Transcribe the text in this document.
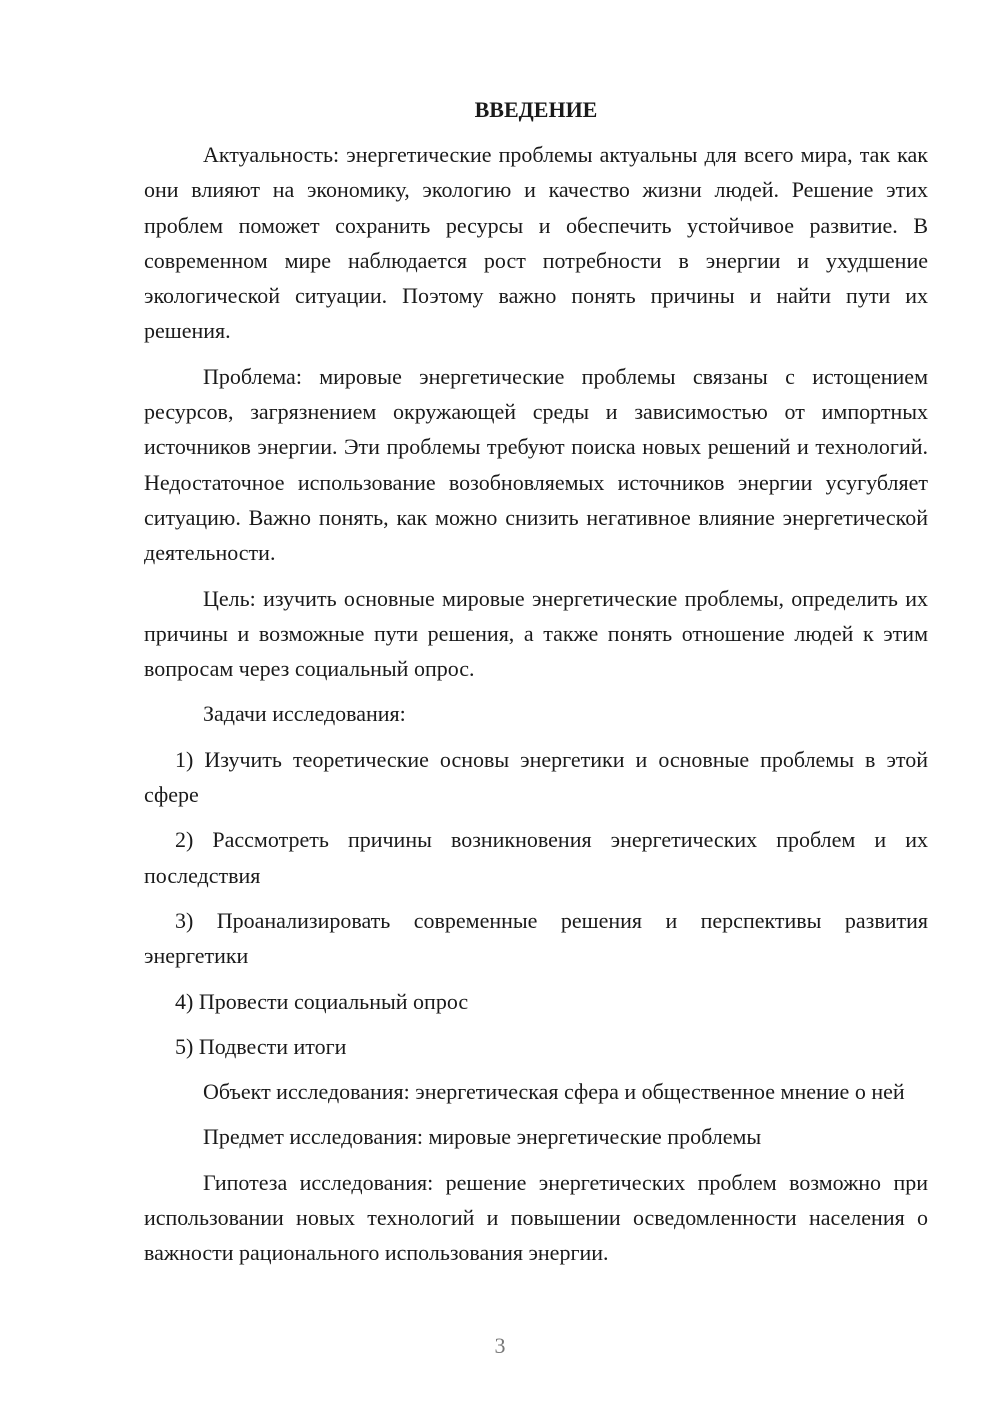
ВВЕДЕНИЕ

Актуальность: энергетические проблемы актуальны для всего мира, так как они влияют на экономику, экологию и качество жизни людей. Решение этих проблем поможет сохранить ресурсы и обеспечить устойчивое развитие. В современном мире наблюдается рост потребности в энергии и ухудшение экологической ситуации. Поэтому важно понять причины и найти пути их решения.

Проблема: мировые энергетические проблемы связаны с истощением ресурсов, загрязнением окружающей среды и зависимостью от импортных источников энергии. Эти проблемы требуют поиска новых решений и технологий. Недостаточное использование возобновляемых источников энергии усугубляет ситуацию. Важно понять, как можно снизить негативное влияние энергетической деятельности.

Цель: изучить основные мировые энергетические проблемы, определить их причины и возможные пути решения, а также понять отношение людей к этим вопросам через социальный опрос.

Задачи исследования:

1) Изучить теоретические основы энергетики и основные проблемы в этой сфере

2) Рассмотреть причины возникновения энергетических проблем и их последствия

3) Проанализировать современные решения и перспективы развития энергетики

4) Провести социальный опрос

5) Подвести итоги

Объект исследования: энергетическая сфера и общественное мнение о ней

Предмет исследования: мировые энергетические проблемы

Гипотеза исследования: решение энергетических проблем возможно при использовании новых технологий и повышении осведомленности населения о важности рационального использования энергии.

3
